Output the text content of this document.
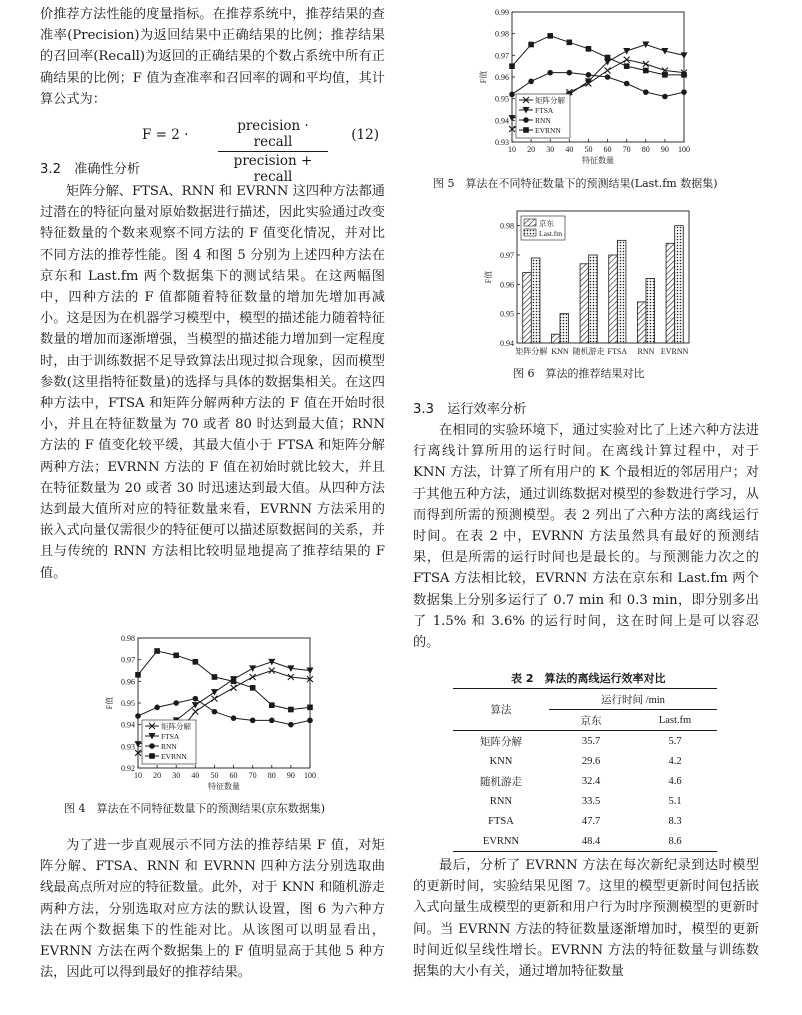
价推荐方法性能的度量指标。在推荐系统中，推荐结果的查准率(Precision)为返回结果中正确结果的比例；推荐结果的召回率(Recall)为返回的正确结果的个数占系统中所有正确结果的比例；F 值为查准率和召回率的调和平均值，其计算公式为：

F = 2 ·
precision · recall
precision + recall
(12)
3.2　准确性分析

矩阵分解、FTSA、RNN 和 EVRNN 这四种方法都通过潜在的特征向量对原始数据进行描述，因此实验通过改变特征数量的个数来观察不同方法的 F 值变化情况，并对比不同方法的推荐性能。图 4 和图 5 分别为上述四种方法在京东和 Last.fm 两个数据集下的测试结果。在这两幅图中，四种方法的 F 值都随着特征数量的增加先增加再减小。这是因为在机器学习模型中，模型的描述能力随着特征数量的增加而逐渐增强，当模型的描述能力增加到一定程度时，由于训练数据不足导致算法出现过拟合现象，因而模型参数(这里指特征数量)的选择与具体的数据集相关。在这四种方法中，FTSA 和矩阵分解两种方法的 F 值在开始时很小，并且在特征数量为 70 或者 80 时达到最大值；RNN 方法的 F 值变化较平缓，其最大值小于 FTSA 和矩阵分解两种方法；EVRNN 方法的 F 值在初始时就比较大，并且在特征数量为 20 或者 30 时迅速达到最大值。从四种方法达到最大值所对应的特征数量来看，EVRNN 方法采用的嵌入式向量仅需很少的特征便可以描述原数据间的关系，并且与传统的 RNN 方法相比较明显地提高了推荐结果的 F 值。

图 4　算法在不同特征数量下的预测结果(京东数据集)

为了进一步直观展示不同方法的推荐结果 F 值，对矩阵分解、FTSA、RNN 和 EVRNN 四种方法分别选取曲线最高点所对应的特征数量。此外，对于 KNN 和随机游走两种方法，分别选取对应方法的默认设置，图 6 为六种方法在两个数据集下的性能对比。从该图可以明显看出，EVRNN 方法在两个数据集上的 F 值明显高于其他 5 种方法，因此可以得到最好的推荐结果。

0.92
0.93
0.94
0.95
0.96
0.97
0.98
10 20 30 40 50 60 70 80 90 100
特征数量
F值
矩阵分解
FTSA
RNN
EVRNN
图 5　算法在不同特征数量下的预测结果(Last.fm 数据集)
图 6　算法的推荐结果对比
3.3　运行效率分析

在相同的实验环境下，通过实验对比了上述六种方法进行离线计算所用的运行时间。在离线计算过程中，对于 KNN 方法，计算了所有用户的 K 个最相近的邻居用户；对于其他五种方法，通过训练数据对模型的参数进行学习，从而得到所需的预测模型。表 2 列出了六种方法的离线运行时间。在表 2 中，EVRNN 方法虽然具有最好的预测结果，但是所需的运行时间也是最长的。与预测能力次之的 FTSA 方法相比较，EVRNN 方法在京东和 Last.fm 两个数据集上分别多运行了 0.7 min 和 0.3 min，即分别多出了 1.5% 和 3.6% 的运行时间，这在时间上是可以容忍的。

表 2　算法的离线运行效率对比

最后，分析了 EVRNN 方法在每次新纪录到达时模型的更新时间，实验结果见图 7。这里的模型更新时间包括嵌入式向量生成模型的更新和用户行为时序预测模型的更新时间。当 EVRNN 方法的特征数量逐渐增加时，模型的更新时间近似呈线性增长。EVRNN 方法的特征数量与训练数据集的大小有关，通过增加特征数量

0.93
0.94
0.95
0.96
0.97
0.98
0.99
10 20 30 40 50 60 70 80 90 100
特征数量
F值
矩阵分解
FTSA
RNN
EVRNN
0.94
0.95
0.96
0.97
0.98
F值
矩阵分解 KNN 随机游走 FTSA RNN EVRNN
京东
Last.fm
算法	运行时间 /min	
	京东	Last.fm
矩阵分解	35.7	5.7
KNN	29.6	4.2
随机游走	32.4	4.6
RNN	33.5	5.1
FTSA	47.7	8.3
EVRNN	48.4	8.6
